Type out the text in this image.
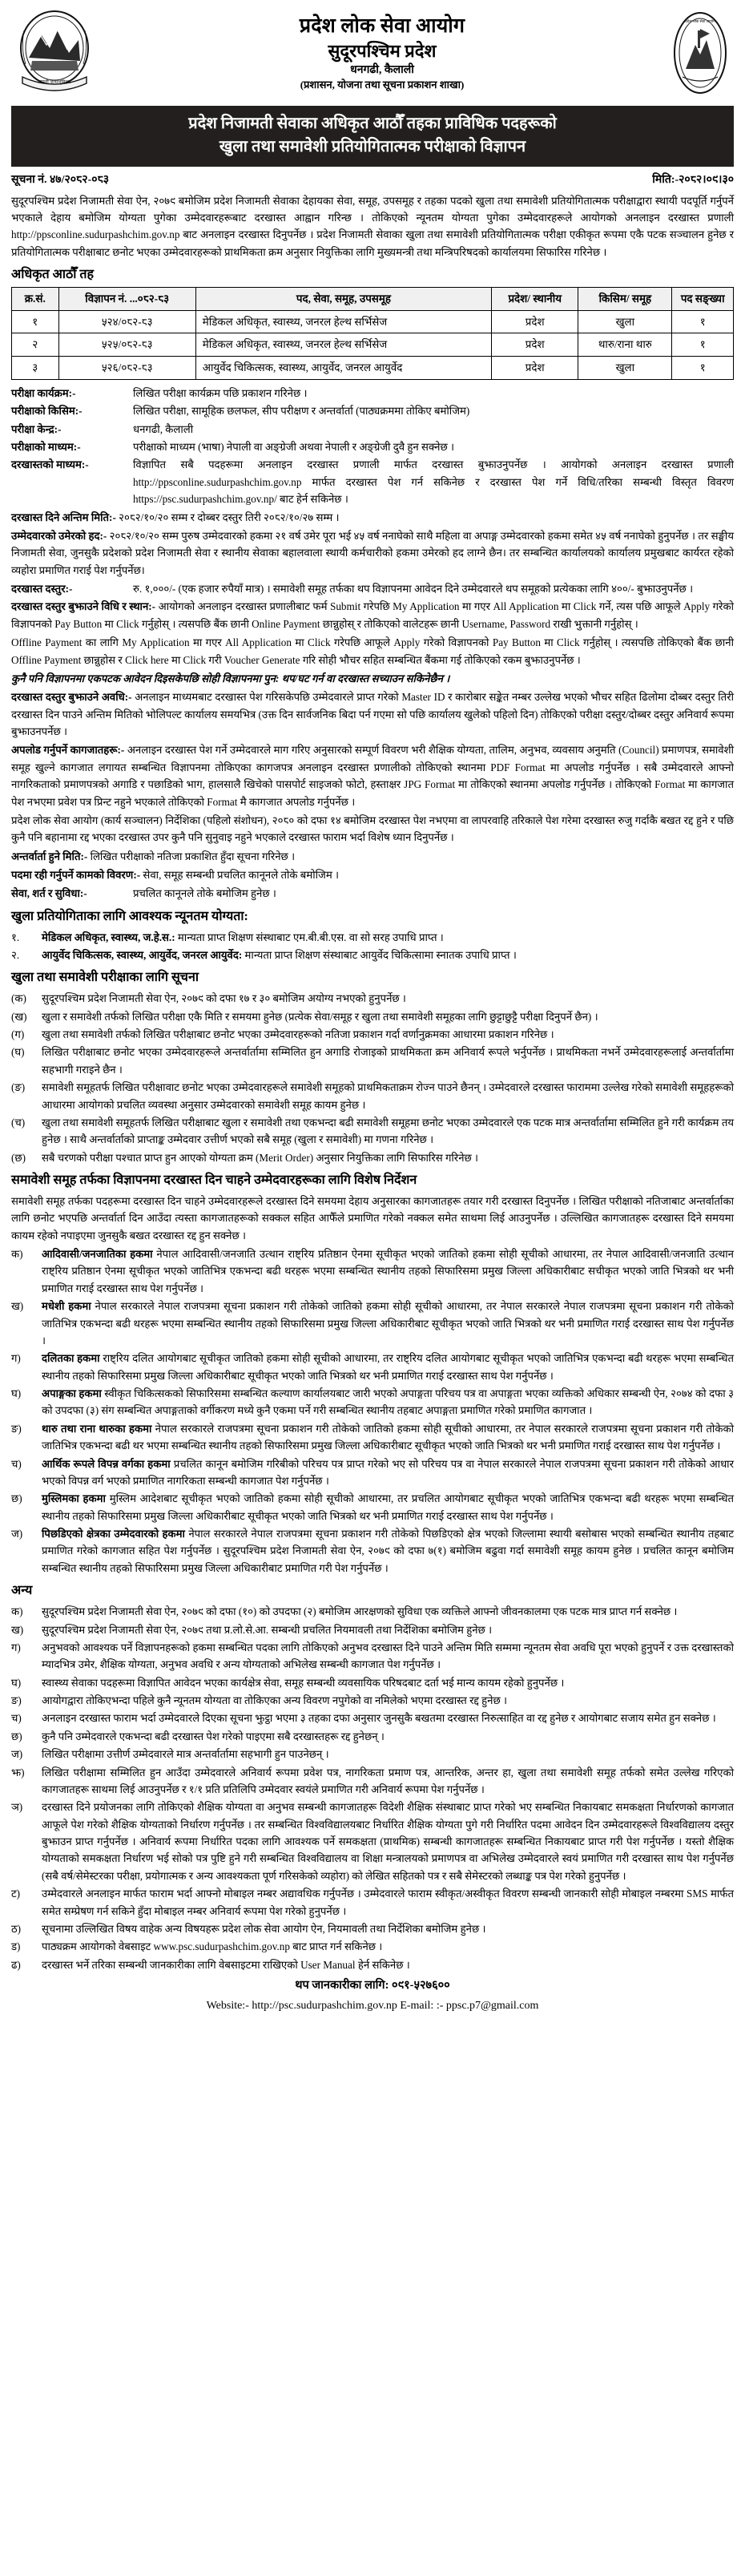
जननी जन्मभूमिश्च
प्रदेश लोक सेवा आयोग
सुदूरपश्चिम प्रदेश
धनगढी, कैलाली
(प्रशासन, योजना तथा सूचना प्रकाशन शाखा)
प्रदेश लोक सेवा आयोग
प्रदेश निजामती सेवाका अधिकृत आठौँ तहका प्राविधिक पदहरूको
खुला तथा समावेशी प्रतियोगितात्मक परीक्षाको विज्ञापन
सूचना नं. ४७/२०८२-०८३	मिति:-२०८२।०९।३०

सुदूरपश्चिम प्रदेश निजामती सेवा ऐन, २०७९ बमोजिम प्रदेश निजामती सेवाका देहायका सेवा, समूह, उपसमूह र तहका पदको खुला तथा समावेशी प्रतियोगितात्मक परीक्षाद्वारा स्थायी पदपूर्ति गर्नुपर्ने भएकाले देहाय बमोजिम योग्यता पुगेका उम्मेदवारहरूबाट दरखास्त आह्वान गरिन्छ । तोकिएको न्यूनतम योग्यता पुगेका उम्मेदवारहरूले आयोगको अनलाइन दरखास्त प्रणाली http://ppsconline.sudurpashchim.gov.np बाट अनलाइन दरखास्त दिनुपर्नेछ । प्रदेश निजामती सेवाका खुला तथा समावेशी प्रतियोगितात्मक परीक्षा एकीकृत रूपमा एकै पटक सञ्चालन हुनेछ र प्रतियोगितात्मक परीक्षाबाट छनोट भएका उम्मेदवारहरूको प्राथमिकता क्रम अनुसार नियुक्तिका लागि मुख्यमन्त्री तथा मन्त्रिपरिषदको कार्यालयमा सिफारिस गरिनेछ ।

अधिकृत आठौँ तह
क्र.सं.	विज्ञापन नं. ...०८२-८३	पद, सेवा, समूह, उपसमूह	प्रदेश/ स्थानीय	किसिम/ समूह	पद सङ्ख्या
१	५२४/०८२-८३	मेडिकल अधिकृत, स्वास्थ्य, जनरल हेल्थ सर्भिसेज	प्रदेश	खुला	१
२	५२५/०८२-८३	मेडिकल अधिकृत, स्वास्थ्य, जनरल हेल्थ सर्भिसेज	प्रदेश	थारु/राना थारु	१
३	५२६/०८२-८३	आयुर्वेद चिकित्सक, स्वास्थ्य, आयुर्वेद, जनरल आयुर्वेद	प्रदेश	खुला	१
परीक्षा कार्यक्रम:-	लिखित परीक्षा कार्यक्रम पछि प्रकाशन गरिनेछ ।
परीक्षाको किसिम:-	लिखित परीक्षा, सामूहिक छलफल, सीप परीक्षण र अन्तर्वार्ता (पाठ्यक्रममा तोकिए बमोजिम)
परीक्षा केन्द्र:-	धनगढी, कैलाली
परीक्षाको माध्यम:-	परीक्षाको माध्यम (भाषा) नेपाली वा अङ्ग्रेजी अथवा नेपाली र अङ्ग्रेजी दुवै हुन सक्नेछ ।
दरखास्तको माध्यम:-	विज्ञापित सबै पदहरूमा अनलाइन दरखास्त प्रणाली मार्फत दरखास्त बुझाउनुपर्नेछ । आयोगको अनलाइन दरखास्त प्रणाली http://ppsconline.sudurpashchim.gov.np मार्फत दरखास्त पेश गर्न सकिनेछ र दरखास्त पेश गर्ने विधि/तरिका सम्बन्धी विस्तृत विवरण https://psc.sudurpashchim.gov.np/ बाट हेर्न सकिनेछ ।

दरखास्त दिने अन्तिम मिति:- २०८२/१०/२० सम्म र दोब्बर दस्तुर तिरी २०८२/१०/२७ सम्म ।

उम्मेदवारको उमेरको हद:- २०८२/१०/२० सम्म पुरुष उम्मेदवारको हकमा २१ वर्ष उमेर पूरा भई ४५ वर्ष ननाघेको साथै महिला वा अपाङ्ग उम्मेदवारको हकमा समेत ४५ वर्ष ननाघेको हुनुपर्नेछ । तर सङ्घीय निजामती सेवा, जुनसुकै प्रदेशको प्रदेश निजामती सेवा र स्थानीय सेवाका बहालवाला स्थायी कर्मचारीको हकमा उमेरको हद लाग्ने छैन। तर सम्बन्धित कार्यालयको कार्यालय प्रमुखबाट कार्यरत रहेको व्यहोरा प्रमाणित गराई पेश गर्नुपर्नेछ।

दरखास्त दस्तुर:-	रु. १,०००/- (एक हजार रुपैयाँ मात्र) । समावेशी समूह तर्फका थप विज्ञापनमा आवेदन दिने उम्मेदवारले थप समूहको प्रत्येकका लागि ४००/- बुझाउनुपर्नेछ ।

दरखास्त दस्तुर बुझाउने विधि र स्थान:- आयोगको अनलाइन दरखास्त प्रणालीबाट फर्म Submit गरेपछि My Application मा गएर All Application मा Click गर्ने, त्यस पछि आफूले Apply गरेको विज्ञापनको Pay Button मा Click गर्नुहोस् । त्यसपछि बैंक छानी Online Payment छान्नुहोस् र तोकिएको वालेटहरू छानी Username, Password राखी भुक्तानी गर्नुहोस् ।

Offline Payment का लागि My Application मा गएर All Application मा Click गरेपछि आफूले Apply गरेको विज्ञापनको Pay Button मा Click गर्नुहोस् । त्यसपछि तोकिएको बैंक छानी Offline Payment छान्नुहोस र Click here मा Click गरी Voucher Generate गरि सोही भौचर सहित सम्बन्धित बैंकमा गई तोकिएको रकम बुझाउनुपर्नेछ ।

कुनै पनि विज्ञापनमा एकपटक आवेदन दिइसकेपछि सोही विज्ञापनमा पुन: थप/घट गर्न वा दरखास्त सच्याउन सकिनेछैन ।

दरखास्त दस्तुर बुझाउने अवधि:- अनलाइन माध्यमबाट दरखास्त पेश गरिसकेपछि उम्मेदवारले प्राप्त गरेको Master ID र कारोबार सङ्केत नम्बर उल्लेख भएको भौचर सहित ढिलोमा दोब्बर दस्तुर तिरी दरखास्त दिन पाउने अन्तिम मितिको भोलिपल्ट कार्यालय समयभित्र (उक्त दिन सार्वजनिक बिदा पर्न गएमा सो पछि कार्यालय खुलेको पहिलो दिन) तोकिएको परीक्षा दस्तुर/दोब्बर दस्तुर अनिवार्य रूपमा बुझाउनपर्नेछ ।

अपलोड गर्नुपर्ने कागजातहरू:- अनलाइन दरखास्त पेश गर्ने उम्मेदवारले माग गरिए अनुसारको सम्पूर्ण विवरण भरी शैक्षिक योग्यता, तालिम, अनुभव, व्यवसाय अनुमति (Council) प्रमाणपत्र, समावेशी समूह खुल्ने कागजात लगायत सम्बन्धित विज्ञापनमा तोकिएका कागजपत्र अनलाइन दरखास्त प्रणालीको तोकिएको स्थानमा PDF Format मा अपलोड गर्नुपर्नेछ । सबै उम्मेदवारले आफ्नो नागरिकताको प्रमाणपत्रको अगाडि र पछाडिको भाग, हालसालै खिचेको पासपोर्ट साइजको फोटो, हस्ताक्षर JPG Format मा तोकिएको स्थानमा अपलोड गर्नुपर्नेछ । तोकिएको Format मा कागजात पेश नभएमा प्रवेश पत्र प्रिन्ट नहुने भएकाले तोकिएको Format मै कागजात अपलोड गर्नुपर्नेछ ।

प्रदेश लोक सेवा आयोग (कार्य सञ्चालन) निर्देशिका (पहिलो संशोधन), २०८० को दफा १४ बमोजिम दरखास्त पेश नभएमा वा लापरवाहि तरिकाले पेश गरेमा दरखास्त रुजु गर्दाकै बखत रद्द हुने र पछि कुनै पनि बहानामा रद्द भएका दरखास्त उपर कुनै पनि सुनुवाइ नहुने भएकाले दरखास्त फाराम भर्दा विशेष ध्यान दिनुपर्नेछ ।

अन्तर्वार्ता हुने मिति:- लिखित परीक्षाको नतिजा प्रकाशित हुँदा सूचना गरिनेछ ।

पदमा रही गर्नुपर्ने कामको विवरण:- सेवा, समूह सम्बन्धी प्रचलित कानूनले तोके बमोजिम ।

सेवा, शर्त र सुविधा:-	प्रचलित कानूनले तोके बमोजिम हुनेछ ।
खुला प्रतियोगिताका लागि आवश्यक न्यूनतम योग्यता:
१.	मेडिकल अधिकृत, स्वास्थ्य, ज.हे.स.: मान्यता प्राप्त शिक्षण संस्थाबाट एम.बी.बी.एस. वा सो सरह उपाधि प्राप्त ।
२.	आयुर्वेद चिकित्सक, स्वास्थ्य, आयुर्वेद, जनरल आयुर्वेद: मान्यता प्राप्त शिक्षण संस्थाबाट आयुर्वेद चिकित्सामा स्नातक उपाधि प्राप्त ।
खुला तथा समावेशी परीक्षाका लागि सूचना
(क)	सुदूरपश्चिम प्रदेश निजामती सेवा ऐन, २०७९ को दफा १७ र ३० बमोजिम अयोग्य नभएको हुनुपर्नेछ ।
(ख)	खुला र समावेशी तर्फको लिखित परीक्षा एकै मिति र समयमा हुनेछ (प्रत्येक सेवा/समूह र खुला तथा समावेशी समूहका लागि छुट्टाछुट्टै परीक्षा दिनुपर्ने छैन) ।
(ग)	खुला तथा समावेशी तर्फको लिखित परीक्षाबाट छनोट भएका उम्मेदवारहरूको नतिजा प्रकाशन गर्दा वर्णानुक्रमका आधारमा प्रकाशन गरिनेछ ।
(घ)	लिखित परीक्षाबाट छनोट भएका उम्मेदवारहरूले अन्तर्वार्तामा सम्मिलित हुन अगाडि रोजाइको प्राथमिकता क्रम अनिवार्य रूपले भर्नुपर्नेछ । प्राथमिकता नभर्ने उम्मेदवारहरूलाई अन्तर्वार्तामा सहभागी गराइने छैन ।
(ङ)	समावेशी समूहतर्फ लिखित परीक्षावाट छनोट भएका उम्मेदवारहरूले समावेशी समूहको प्राथमिकताक्रम रोज्न पाउने छैनन् । उम्मेदवारले दरखास्त फाराममा उल्लेख गरेको समावेशी समूहहरूको आधारमा आयोगको प्रचलित व्यवस्था अनुसार उम्मेदवारको समावेशी समूह कायम हुनेछ ।
(च)	खुला तथा समावेशी समूहतर्फ लिखित परीक्षाबाट खुला र समावेशी तथा एकभन्दा बढी समावेशी समूहमा छनोट भएका उम्मेदवारले एक पटक मात्र अन्तर्वार्तामा सम्मिलित हुने गरी कार्यक्रम तय हुनेछ । साथै अन्तर्वार्ताको प्राप्ताङ्क उम्मेदवार उत्तीर्ण भएको सबै समूह (खुला र समावेशी) मा गणना गरिनेछ ।
(छ)	सबै चरणको परीक्षा पश्चात प्राप्त हुन आएको योग्यता क्रम (Merit Order) अनुसार नियुक्तिका लागि सिफारिस गरिनेछ ।
समावेशी समूह तर्फका विज्ञापनमा दरखास्त दिन चाहने उम्मेदवारहरूका लागि विशेष निर्देशन

समावेशी समूह तर्फका पदहरूमा दरखास्त दिन चाहने उम्मेदवारहरूले दरखास्त दिने समयमा देहाय अनुसारका कागजातहरू तयार गरी दरखास्त दिनुपर्नेछ । लिखित परीक्षाको नतिजाबाट अन्तर्वार्ताका लागि छनोट भएपछि अन्तर्वार्ता दिन आउँदा त्यस्ता कागजातहरूको सक्कल सहित आफैँले प्रमाणित गरेको नक्कल समेत साथमा लिई आउनुपर्नेछ । उल्लिखित कागजातहरू दरखास्त दिने समयमा कायम रहेको नपाइएमा जुनसुकै बखत दरखास्त रद्द हुन सक्नेछ ।

क)	आदिवासी/जनजातिका हकमा नेपाल आदिवासी/जनजाति उत्थान राष्ट्रिय प्रतिष्ठान ऐनमा सूचीकृत भएको जातिको हकमा सोही सूचीको आधारमा, तर नेपाल आदिवासी/जनजाति उत्थान राष्ट्रिय प्रतिष्ठान ऐनमा सूचीकृत भएको जातिभित्र एकभन्दा बढी थरहरू भएमा सम्बन्धित स्थानीय तहको सिफारिसमा प्रमुख जिल्ला अधिकारीबाट सचीकृत भएको जाति भित्रको थर भनी प्रमाणित गराई दरखास्त साथ पेश गर्नुपर्नेछ ।
ख)	मधेशी हकमा नेपाल सरकारले नेपाल राजपत्रमा सूचना प्रकाशन गरी तोकेको जातिको हकमा सोही सूचीको आधारमा, तर नेपाल सरकारले नेपाल राजपत्रमा सूचना प्रकाशन गरी तोकेको जातिभित्र एकभन्दा बढी थरहरू भएमा सम्बन्धित स्थानीय तहको सिफारिसमा प्रमुख जिल्ला अधिकारीबाट सूचीकृत भएको जाति भित्रको थर भनी प्रमाणित गराई दरखास्त साथ पेश गर्नुपर्नेछ ।
ग)	दलितका हकमा राष्ट्रिय दलित आयोगबाट सूचीकृत जातिको हकमा सोही सूचीको आधारमा, तर राष्ट्रिय दलित आयोगबाट सूचीकृत भएको जातिभित्र एकभन्दा बढी थरहरू भएमा सम्बन्धित स्थानीय तहको सिफारिसमा प्रमुख जिल्ला अधिकारीबाट सूचीकृत भएको जाति भित्रको थर भनी प्रमाणित गराई दरखास्त साथ पेश गर्नुपर्नेछ ।
घ)	अपाङ्गका हकमा स्वीकृत चिकित्सकको सिफारिसमा सम्बन्धित कल्याण कार्यालयबाट जारी भएको अपाङ्गता परिचय पत्र वा अपाङ्गता भएका व्यक्तिको अधिकार सम्बन्धी ऐन, २०७४ को दफा ३ को उपदफा (३) संग सम्बन्धित अपाङ्गताको वर्गीकरण मध्ये कुनै एकमा पर्ने गरी सम्बन्धित स्थानीय तहबाट अपाङ्गता प्रमाणित गरेको प्रमाणित कागजात ।
ङ)	थारु तथा राना थारुका हकमा नेपाल सरकारले राजपत्रमा सूचना प्रकाशन गरी तोकेको जातिको हकमा सोही सूचीको आधारमा, तर नेपाल सरकारले राजपत्रमा सूचना प्रकाशन गरी तोकेको जातिभित्र एकभन्दा बढी थर भएमा सम्बन्धित स्थानीय तहको सिफारिसमा प्रमुख जिल्ला अधिकारीबाट सूचीकृत भएको जाति भित्रको थर भनी प्रमाणित गराई दरखास्त साथ पेश गर्नुपर्नेछ ।
च)	आर्थिक रूपले विपन्न वर्गका हकमा प्रचलित कानून बमोजिम गरिबीको परिचय पत्र प्राप्त गरेको भए सो परिचय पत्र वा नेपाल सरकारले नेपाल राजपत्रमा सूचना प्रकाशन गरी तोकेको आधार भएको विपन्न वर्ग भएको प्रमाणित नागरिकता सम्बन्धी कागजात पेश गर्नुपर्नेछ ।
छ)	मुस्लिमका हकमा मुस्लिम आदेशबाट सूचीकृत भएको जातिको हकमा सोही सूचीको आधारमा, तर प्रचलित आयोगबाट सूचीकृत भएको जातिभित्र एकभन्दा बढी थरहरू भएमा सम्बन्धित स्थानीय तहको सिफारिसमा प्रमुख जिल्ला अधिकारीबाट सूचीकृत भएको जाति भित्रको थर भनी प्रमाणित गराई दरखास्त साथ पेश गर्नुपर्नेछ ।
ज)	पिछडिएको क्षेत्रका उम्मेदवारको हकमा नेपाल सरकारले नेपाल राजपत्रमा सूचना प्रकाशन गरी तोकेको पिछडिएको क्षेत्र भएको जिल्लामा स्थायी बसोबास भएको सम्बन्धित स्थानीय तहबाट प्रमाणित गरेको कागजात सहित पेश गर्नुपर्नेछ । सुदूरपश्चिम प्रदेश निजामती सेवा ऐन, २०७९ को दफा ७(१) बमोजिम बढुवा गर्दा समावेशी समूह कायम हुनेछ । प्रचलित कानून बमोजिम सम्बन्धित स्थानीय तहको सिफारिसमा प्रमुख जिल्ला अधिकारीबाट प्रमाणित गरी पेश गर्नुपर्नेछ ।
अन्य
क)	सुदूरपश्चिम प्रदेश निजामती सेवा ऐन, २०७९ को दफा (१०) को उपदफा (२) बमोजिम आरक्षणको सुविधा एक व्यक्तिले आफ्नो जीवनकालमा एक पटक मात्र प्राप्त गर्न सक्नेछ ।
ख)	सुदूरपश्चिम प्रदेश निजामती सेवा ऐन, २०७९ तथा प्र.लो.से.आ. सम्बन्धी प्रचलित नियमावली तथा निर्देशिका बमोजिम हुनेछ ।
ग)	अनुभवको आवश्यक पर्ने विज्ञापनहरूको हकमा सम्बन्धित पदका लागि तोकिएको अनुभव दरखास्त दिने पाउने अन्तिम मिति सम्ममा न्यूनतम सेवा अवधि पूरा भएको हुनुपर्ने र उक्त दरखास्तको म्यादभित्र उमेर, शैक्षिक योग्यता, अनुभव अवधि र अन्य योग्यताको अभिलेख सम्बन्धी कागजात पेश गर्नुपर्नेछ ।
घ)	स्वास्थ्य सेवाका पदहरूमा विज्ञापित आवेदन भएका कार्यक्षेत्र सेवा, समूह सम्बन्धी व्यवसायिक परिषदबाट दर्ता भई मान्य कायम रहेको हुनुपर्नेछ ।
ङ)	आयोगद्वारा तोकिएभन्दा पहिले कुनै न्यूनतम योग्यता वा तोकिएका अन्य विवरण नपुगेको वा नमिलेको भएमा दरखास्त रद्द हुनेछ ।
च)	अनलाइन दरखास्त फाराम भर्दा उम्मेदवारले दिएका सूचना झुट्ठा भएमा ३ तहका दफा अनुसार जुनसुकै बखतमा दरखास्त निरुत्साहित वा रद्द हुनेछ र आयोगबाट सजाय समेत हुन सक्नेछ ।
छ)	कुनै पनि उम्मेदवारले एकभन्दा बढी दरखास्त पेश गरेको पाइएमा सबै दरखास्तहरू रद्द हुनेछन् ।
ज)	लिखित परीक्षामा उत्तीर्ण उम्मेदवारले मात्र अन्तर्वार्तामा सहभागी हुन पाउनेछन् ।
झ)	लिखित परीक्षामा सम्मिलित हुन आउँदा उम्मेदवारले अनिवार्य रूपमा प्रवेश पत्र, नागरिकता प्रमाण पत्र, आन्तरिक, अन्तर हा, खुला तथा समावेशी समूह तर्फको समेत उल्लेख गरिएको कागजातहरू साथमा लिई आउनुपर्नेछ र १/१ प्रति प्रतिलिपि उम्मेदवार स्वयंले प्रमाणित गरी अनिवार्य रूपमा पेश गर्नुपर्नेछ ।
ञ)	दरखास्त दिने प्रयोजनका लागि तोकिएको शैक्षिक योग्यता वा अनुभव सम्बन्धी कागजातहरू विदेशी शैक्षिक संस्थाबाट प्राप्त गरेको भए सम्बन्धित निकायबाट समकक्षता निर्धारणको कागजात आफूले पेश गरेको शैक्षिक योग्यताको निर्धारण गर्नुपर्नेछ । तर सम्बन्धित विश्वविद्यालयबाट निर्धारित शैक्षिक योग्यता पुगे गरी निर्धारित पदमा आवेदन दिन उम्मेदवारहरूले विश्वविद्यालय दस्तुर बुझाउन प्राप्त गर्नुपर्नेछ । अनिवार्य रूपमा निर्धारित पदका लागि आवश्यक पर्ने समकक्षता (प्राथमिक) सम्बन्धी कागजातहरू सम्बन्धित निकायबाट प्राप्त गरी पेश गर्नुपर्नेछ । यस्तो शैक्षिक योग्यताको समकक्षता निर्धारण भई सोको पत्र पुष्टि हुने गरी सम्बन्धित विश्वविद्यालय वा शिक्षा मन्त्रालयको प्रमाणपत्र वा अभिलेख उम्मेदवारले स्वयं प्रमाणित गरी दरखास्त साथ पेश गर्नुपर्नेछ (सबै वर्ष/सेमेस्टरका परीक्षा, प्रयोगात्मक र अन्य आवश्यकता पूर्ण गरिसकेको व्यहोरा) को लेखित सहितको पत्र र सबै सेमेस्टरको लब्धाङ्क पत्र पेश गरेको हुनुपर्नेछ ।
ट)	उम्मेदवारले अनलाइन मार्फत फाराम भर्दा आफ्नो मोबाइल नम्बर अद्यावधिक गर्नुपर्नेछ । उम्मेदवारले फाराम स्वीकृत/अस्वीकृत विवरण सम्बन्धी जानकारी सोही मोबाइल नम्बरमा SMS मार्फत समेत सम्प्रेषण गर्न सकिने हुँदा मोबाइल नम्बर अनिवार्य रूपमा पेश गरेको हुनुपर्नेछ ।
ठ)	सूचनामा उल्लिखित विषय वाहेक अन्य विषयहरू प्रदेश लोक सेवा आयोग ऐन, नियमावली तथा निर्देशिका बमोजिम हुनेछ ।
ड)	पाठ्यक्रम आयोगको वेबसाइट www.psc.sudurpashchim.gov.np बाट प्राप्त गर्न सकिनेछ ।
ढ)	दरखास्त भर्ने तरिका सम्बन्धी जानकारीका लागि वेबसाइटमा राखिएको User Manual हेर्न सकिनेछ ।
थप जानकारीका लागि: ०९१-५२७६००
Website:- http://psc.sudurpashchim.gov.np E-mail: :- ppsc.p7@gmail.com
